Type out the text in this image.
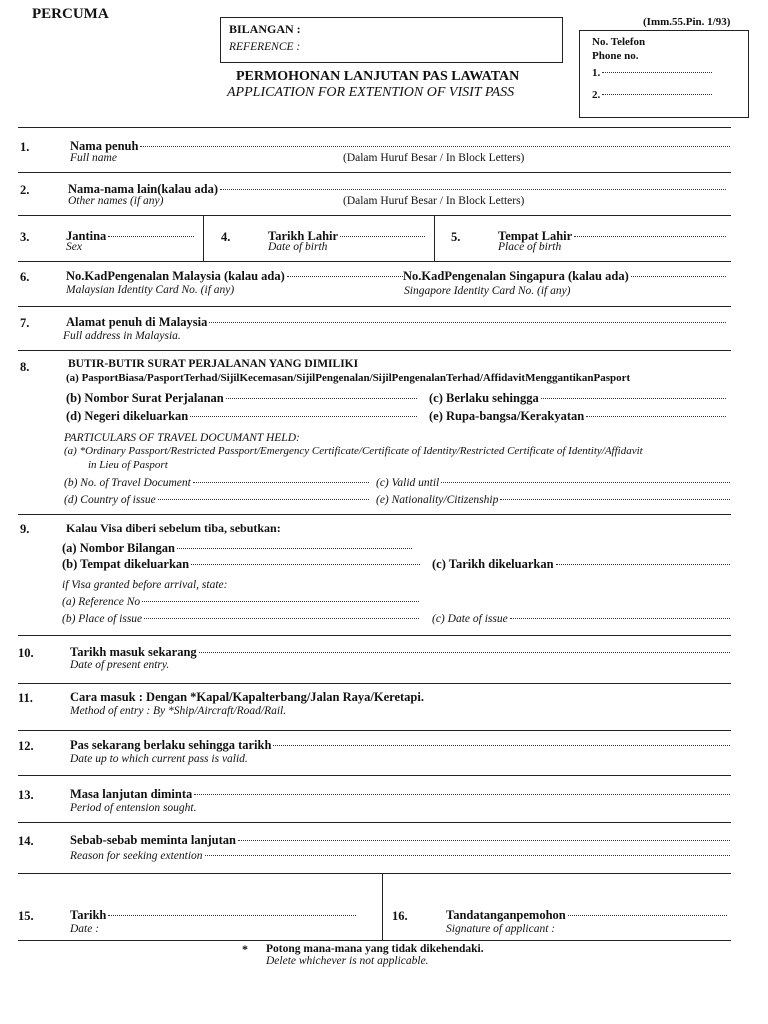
PERCUMA	(Imm.55.Pin. 1/93)
BILANGAN :
REFERENCE :
PERMOHONAN LANJUTAN PAS LAWATAN
APPLICATION FOR EXTENTION OF VISIT PASS
No. Telefon
Phone no.
1.
2.
1.	Nama penuh
Full name	(Dalam Huruf Besar / In Block Letters)
2.	Nama-nama lain(kalau ada)
Other names (if any)	(Dalam Huruf Besar / In Block Letters)
3.	Jantina
Sex
4.	Tarikh Lahir
Date of birth
5.	Tempat Lahir
Place of birth
6.	No.KadPengenalan Malaysia (kalau ada)	No.KadPengenalan Singapura (kalau ada)
Malaysian Identity Card No. (if any)	Singapore Identity Card No. (if any)
7.	Alamat penuh di Malaysia
Full address in Malaysia.
8.	BUTIR-BUTIR SURAT PERJALANAN YANG DIMILIKI
(a) PasportBiasa/PasportTerhad/SijilKecemasan/SijilPengenalan/SijilPengenalanTerhad/AffidavitMenggantikanPasport
(b) Nombor Surat Perjalanan	(c) Berlaku sehingga
(d) Negeri dikeluarkan	(e) Rupa-bangsa/Kerakyatan
PARTICULARS OF TRAVEL DOCUMANT HELD:
(a) *Ordinary Passport/Restricted Passport/Emergency Certificate/Certificate of Identity/Restricted Certificate of Identity/Affidavit
in Lieu of Pasport
(b) No. of Travel Document	(c) Valid until
(d) Country of issue	(e) Nationality/Citizenship
9.	Kalau Visa diberi sebelum tiba, sebutkan:
(a) Nombor Bilangan
(b) Tempat dikeluarkan	(c) Tarikh dikeluarkan
if Visa granted before arrival, state:
(a) Reference No
(b) Place of issue	(c) Date of issue
10.	Tarikh masuk sekarang
Date of present entry.
11.	Cara masuk : Dengan *Kapal/Kapalterbang/Jalan Raya/Keretapi.
Method of entry : By *Ship/Aircraft/Road/Rail.
12.	Pas sekarang berlaku sehingga tarikh
Date up to which current pass is valid.
13.	Masa lanjutan diminta
Period of entension sought.
14.	Sebab-sebab meminta lanjutan
Reason for seeking extention
15.	Tarikh
Date :
16.	Tandatanganpemohon
Signature of applicant :
* Potong mana-mana yang tidak dikehendaki.
Delete whichever is not applicable.
